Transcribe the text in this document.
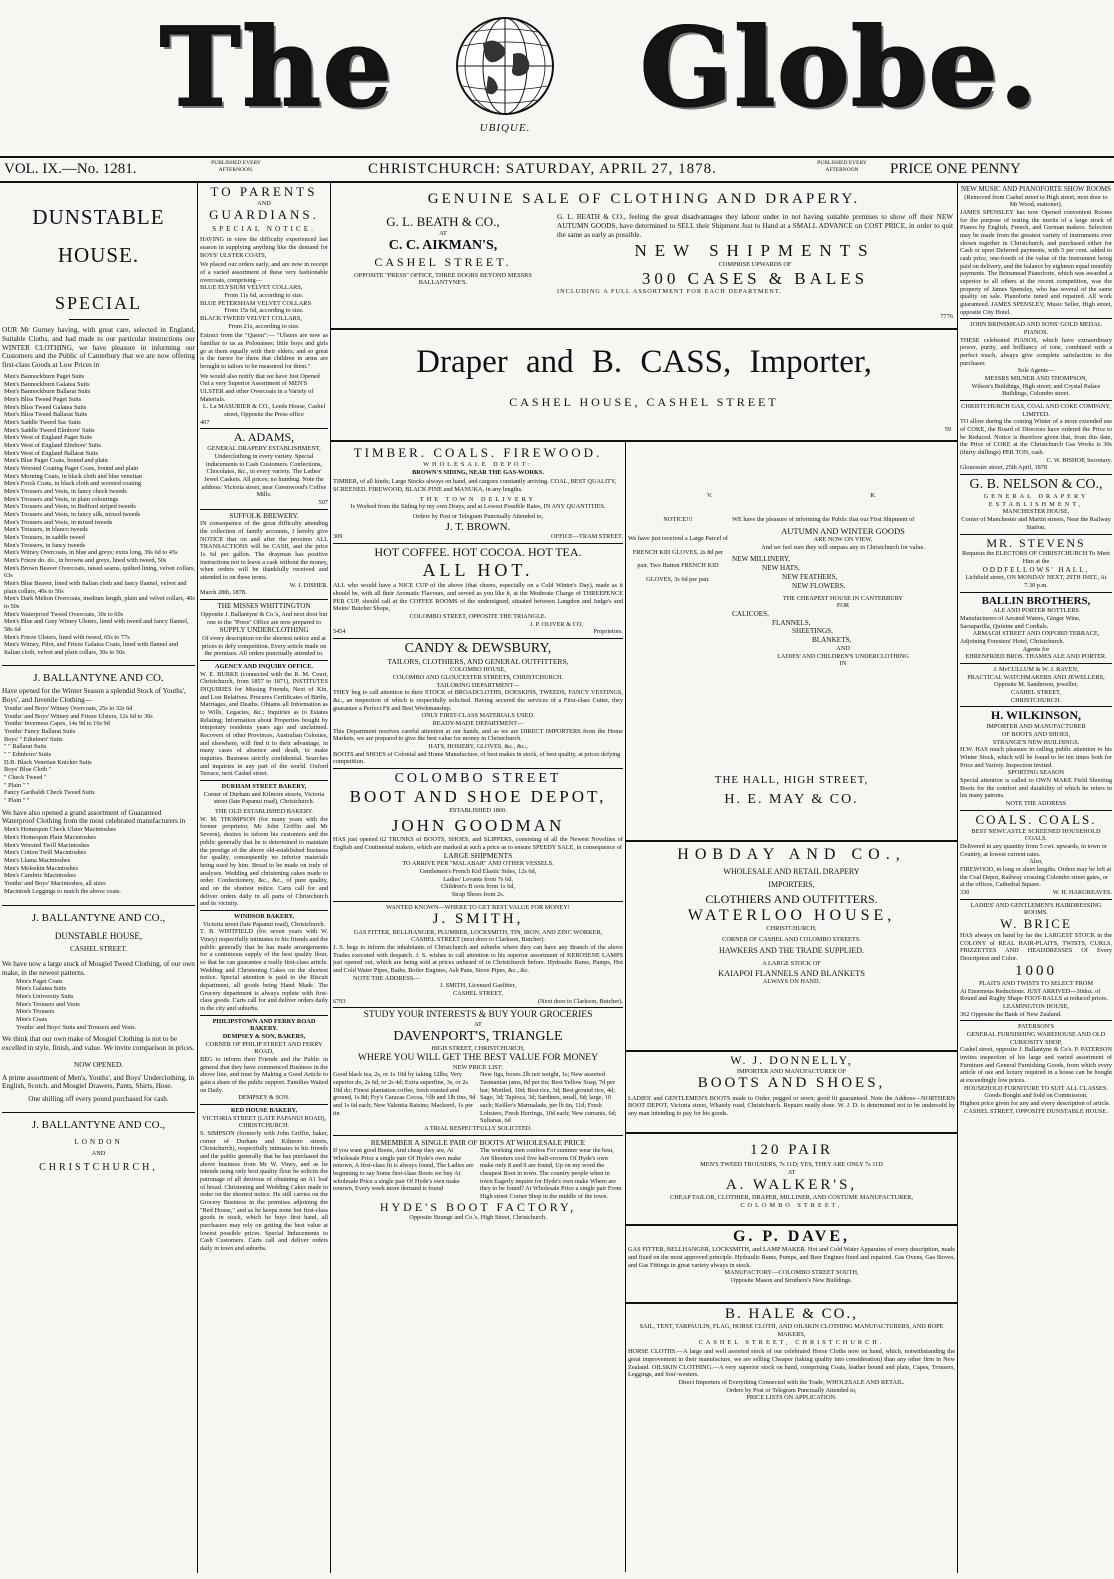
The	UBIQUE. Globe.
VOL. IX.—No. 1281.	PUBLISHED EVERY AFTERNOON.	CHRISTCHURCH: SATURDAY, APRIL 27, 1878.	PUBLISHED EVERY AFTERNOON	PRICE ONE PENNY
DUNSTABLE
HOUSE.
SPECIAL
OUR Mr Gurney having, with great care, selected in England, Suitable Cloths, and had made to our particular instructions our WINTER CLOTHING, we have pleasure in informing our Customers and the Public of Canterbury that we are now offering first-class Goods at Low Prices in
Men's Bannockburn Paget Suits
Men's Bannockburn Galatea Suits
Men's Bannockburn Ballarat Suits
Men's Bliss Tweed Paget Suits
Men's Bliss Tweed Galatea Suits
Men's Bliss Tweed Ballarat Suits
Men's Saddle Tweed Sac Suits
Men's Saddle Tweed Elmbore' Suits
Men's West of England Paget Suits
Men's West of England Elmbore' Suits
Men's West of England Ballarat Suits
Men's Blue Paget Coats, bound and plain
Men's Worsted Coating Paget Coats, bound and plain
Men's Morning Coats, in black cloth and blue venetian
Men's Frock Coats, in black cloth and worsted coating
Men's Trousers and Vests, in fancy check tweeds
Men's Trousers and Vests, in plain colourings
Men's Trousers and Vests, in Bedford striped tweeds
Men's Trousers and Vests, in fancy silk, mixed tweeds
Men's Trousers and Vests, in mixed tweeds
Men's Trousers, in blanco tweeds
Men's Trousers, in saddle tweed
Men's Trousers, in fancy tweeds
Men's Witney Overcoats, in blue and greys; extra long, 39s 6d to 45s
Men's Frieze do. do., in browns and greys, lined with tweed, 50s
Men's Brown Beaver Overcoats, raised seams, quilted lining, velvet collars, 63s
Men's Blue Beaver, lined with Italian cloth and fancy flannel, velvet and plain collars, 40s to 50s
Men's Dark Melton Overcoats, medium length, plain and velvet collars, 40s to 50s
Men's Waterproof Tweed Overcoats, 30s to 60s
Men's Blue and Grey Witney Ulsters, lined with tweed and fancy flannel, 58s 6d
Men's Frieze Ulsters, lined with tweed, 65s to 77s
Men's Witney, Pilot, and Frieze Galatea Coats, lined with flannel and Italian cloth, velvet and plain collars, 30s to 50s
J. BALLANTYNE AND CO.
Have opened for the Winter Season a splendid Stock of Youths', Boys', and Juvenile Clothing—
Youths' and Boys' Witney Overcoats, 25s to 32s 6d
Youths' and Boys' Witney and Frieze Ulsters, 12s 6d to 30s
Youths' Inverness Capes, 14s 9d to 16s 9d
Youths' Fancy Ballarat Suits
Boys' " Edinboro' Suits
" " Ballarat Suits
" " Edinboro' Suits
D.B. Black Venetian Knicker Suits
Boys' Blue Cloth "
" Check Tweed "
" Plain " "
Fancy Garibaldi Check Tweed Suits
" Plain " "
We have also opened a grand assortment of Guaranteed Waterproof Clothing from the most celebrated manufacturers in
Men's Homespun Check Ulster Macintoshes
Men's Homespun Plain Macintoshes
Men's Worsted Twill Macintoshes
Men's Cotton Twill Macintoshes
Men's Llama Macintoshes
Men's Moleskin Macintoshes
Men's Cambric Macintoshes
Youths' and Boys' Macintoshes, all sizes
Macintosh Leggings to match the above coats.
J. BALLANTYNE AND CO.,
DUNSTABLE HOUSE,
CASHEL STREET.
We have now a large stock of Mosgiel Tweed Clothing, of our own make, in the newest patterns.
Men's Paget Coats
Men's Galatea Suits
Men's University Suits
Men's Trousers and Vests
Men's Trousers
Men's Coats
Youths' and Boys' Suits and Trousers and Vests.
We think that our own make of Mosgiel Clothing is not to be excelled in style, finish, and value. We invite comparison in prices.
NOW OPENED.
A prime assortment of Men's, Youths', and Boys' Underclothing, in English, Scotch, and Mosgiel Drawers, Pants, Shirts, Hose.
One shilling off every pound purchased for cash.
J. BALLANTYNE AND CO.,
LONDON
AND
CHRISTCHURCH,
TO PARENTS
AND
GUARDIANS.
SPECIAL NOTICE.
HAVING in view the difficulty experienced last season in supplying anything like the demand for BOYS' ULSTER COATS,
We placed our orders early, and are now in receipt of a varied assortment of these very fashionable overcoats, comprising—
BLUE ELYSIUM VELVET COLLARS,
From 11s 6d, according to size.
BLUE PETERSHAM VELVET COLLARS
From 15s 6d, according to size.
BLACK TWEED VELVET COLLARS,
From 21s, according to size.
Extract from the "Queen":— "Ulsters are now as familiar to us as Polonaises; little boys and girls go at them equally with their elders; and so great is the furore for them that children in arms are brought to tailors to be measured for them."
We would also notify that we have Just Opened Out a very Superior Assortment of MEN'S ULSTER and other Overcoats in a Variety of Materials.
L. La MASURIER & CO., Leeds House, Cashel street, Opposite the Press office
407
A. ADAMS,
GENERAL DRAPERY ESTABLISHMENT,
Underclothing in every variety. Special inducements to Cash Customers. Confections, Chocolates, &c., in every variety. The Ladies' Jewel Caskets. All prices; no humbug. Note the address: Victoria street, near Greenwood's Coffee Mills.
507
SUFFOLK BREWERY.
IN consequence of the great difficulty attending the collection of family accounts, I hereby give NOTICE that on and after the proximo ALL TRANSACTIONS will be CASH, and the price 1s 6d per gallon. The drayman has positive instructions not to leave a cask without the money, when orders will be thankfully received and attended to on these terms.
W. J. DISHER.
March 28th, 1878.
THE MISSES WHITTINGTON
Opposite J. Ballantyne & Co.'s, And next door but one to the "Press" Office are now prepared to
SUPPLY UNDERCLOTHING
Of every description on the shortest notice and at prices to defy competition. Every article made on the premises. All orders punctually attended to.
AGENCY AND INQUIRY OFFICE.
W. E. BURKE (connected with the R. M. Court, Christchurch, from 1857 to 1871), INSTITUTES INQUIRIES for Missing Friends, Next of Kin, and Lost Relatives. Procures Certificates of Births, Marriages, and Deaths. Obtains all Information as to Wills, Legacies, &c.; Inquiries as to Estates Relating; Information about Properties bought by temporary residents years ago and unclaimed. Recovers of other Provinces, Australian Colonies, and elsewhere, will find it to their advantage, in many cases of absence and death, to make inquiries. Business strictly confidential. Searches and inquiries in any part of the world. Oxford Terrace, next Cashel street.
DURHAM STREET BAKERY,
Corner of Durham and Kilmore streets, Victoria street (late Papanui road), Christchurch.
THE OLD ESTABLISHED BAKERY.
W. M. THOMPSON (for many years with the former proprietor, Mr John Griffin and Mr Severn), desires to inform his customers and the public generally that he is determined to maintain the prestige of the above old-established business for quality, consequently no inferior materials being used by him. Bread to be made on truly of analyses. Wedding and christening cakes made to order. Confectionery, &c., &c., of pure quality, and on the shortest notice. Carts call for and deliver orders daily in all parts of Christchurch and its vicinity.
WINDSOR BAKERY,
Victoria street (late Papanui road), Christchurch.
T. B. WHITFIELD (for seven years with W. Viney) respectfully intimates to his friends and the public generally that he has made arrangements for a continuous supply of the best quality flour, so that he can guarantee a really first-class article. Wedding and Christening Cakes on the shortest notice. Special attention is paid to the Biscuit department, all goods being Hand Made. The Grocery department is always replete with first-class goods. Carts call for and deliver orders daily in the city and suburbs.
PHILIPSTOWN AND FERRY ROAD BAKERY.
DEMPSEY & SON, BAKERS,
CORNER OF PHILIP STREET AND FERRY ROAD,
BEG to inform their Friends and the Public in general that they have commenced Business in the above line, and trust by Making a Good Article to gain a share of the public support. Families Waited on Daily.
DEMPSEY & SON.
RED HOUSE BAKERY,
VICTORIA STREET (LATE PAPANUI ROAD), CHRISTCHURCH.
S. SIMPSON (formerly with John Griffin, baker, corner of Durham and Kilmore streets, Christchurch), respectfully intimates to his friends and the public generally that he has purchased the above business from Mr W. Viney, and as he intends using only best quality flour he solicits the patronage of all desirous of obtaining an A1 loaf of bread. Christening and Wedding Cakes made to order on the shortest notice. He still carries on the Grocery Business in the premises adjoining the "Red House," and as he keeps none but first-class goods in stock, which he buys first hand, all purchasers may rely on getting the best value at lowest possible prices. Special Inducements to Cash Customers. Carts call and deliver orders daily in town and suburbs.
GENUINE SALE OF CLOTHING AND DRAPERY.
G. L. BEATH & CO.,
AT
C. C. AIKMAN'S,
CASHEL STREET.
OPPOSITE "PRESS" OFFICE, THREE DOORS BEYOND MESSRS BALLANTYNE'S.
G. L. BEATH & CO., feeling the great disadvantages they labour under in not having suitable premises to show off their NEW AUTUMN GOODS, have determined to SELL their Shipment Just to Hand at a SMALL ADVANCE on COST PRICE, in order to quit the same as early as possible.
NEW SHIPMENTS
COMPRISE UPWARDS OF
300 CASES & BALES
INCLUDING A FULL ASSORTMENT FOR EACH DEPARTMENT.
7776
Draper and B. CASS, Importer,
CASHEL HOUSE, CASHEL STREET
59
TIMBER. COALS. FIREWOOD.
WHOLESALE DEPOT:
BROWN'S SIDING, NEAR THE GAS-WORKS.
TIMBER, of all kinds; Large Stocks always on hand, and cargoes constantly arriving. COAL, BEST QUALITY, SCREENED. FIREWOOD, BLACK PINE and MANUKA, in any lengths.
THE TOWN DELIVERY
Is Worked from the Siding by my own Drays, and at Lowest Possible Rates, IN ANY QUANTITIES.
Orders by Post or Telegram Punctually Attended to,
J. T. BROWN.
309	OFFICE—TRAM STREET.
HOT COFFEE. HOT COCOA. HOT TEA.
ALL HOT.
ALL who would have a NICE CUP of the above (that cheers, especially on a Cold Winter's Day), made as it should be, with all their Aromatic Flavours, and served as you like it, at the Moderate Charge of THREEPENCE PER CUP, should call at the COFFEE ROOMS of the undersigned, situated between Langdon and Judge's and Meins' Butcher Shops,
COLOMBO STREET, OPPOSITE THE TRIANGLE.
J. P. OLIVER & CO,
5454	Proprietors.
CANDY & DEWSBURY,
TAILORS, CLOTHIERS, AND GENERAL OUTFITTERS,
COLOMBO HOUSE,
COLOMBO AND GLOUCESTER STREETS, CHRISTCHURCH.
TAILORING DEPARTMENT—
THEY beg to call attention to their STOCK of BROADCLOTHS, DOESKINS, TWEEDS, FANCY VESTINGS, &c., an inspection of which is respectfully solicited. Having secured the services of a First-class Cutter, they guarantee a Perfect Fit and Best Workmanship.
ONLY FIRST-CLASS MATERIALS USED.
READY-MADE DEPARTMENT—
This Department receives careful attention at our hands, and as we are DIRECT IMPORTERS from the Home Markets, we are prepared to give the best value for money in Christchurch.
HATS, HOSIERY, GLOVES, &c., &c.,
BOOTS and SHOES of Colonial and Home Manufacture, of best makes in stock, of best quality, at prices defying competition.
COLOMBO STREET
BOOT AND SHOE DEPOT,
ESTABLISHED 1860.
JOHN GOODMAN
HAS just opened 62 TRUNKS of BOOTS, SHOES, and SLIPPERS, consisting of all the Newest Novelties of English and Continental makers, which are marked at such a price as to ensure SPEEDY SALE, in consequence of
LARGE SHIPMENTS
TO ARRIVE PER "MALABAR" AND OTHER VESSELS.
Gentlemen's French Kid Elastic Sides, 12s 6d,
Ladies' Levants from 7s 6d,
Children's B oots from 1s 6d,
Strap Shoes from 2s.
WANTED KNOWN—WHERE TO GET BEST VALUE FOR MONEY!
J. SMITH,
GAS FITTER, BELLHANGER, PLUMBER, LOCKSMITH, TIN, IRON, AND ZINC WORKER,
CASHEL STREET (next door to Clarkson, Butcher).
J. S. begs to inform the inhabitants of Christchurch and suburbs where they can have any Branch of the above Trades executed with despatch. J. S. wishes to call attention to his superior assortment of KEROSENE LAMPS just opened out, which are being sold at prices unheard of in Christchurch before. Hydraulic Rams, Pumps, Hot and Cold Water Pipes, Baths, Boiler Engines, Ash Pans, Stove Pipes, &c., &c.
NOTE THE ADDRESS—
J. SMITH, Licensed Gasfitter,
CASHEL STREET,
6793	(Next door to Clarkson, Butcher).
STUDY YOUR INTERESTS & BUY YOUR GROCERIES
AT
DAVENPORT'S, TRIANGLE
HIGH STREET, CHRISTCHURCH,
WHERE YOU WILL GET THE BEST VALUE FOR MONEY
NEW PRICE LIST:
Good black tea, 2s, or 1s 10d by taking 12lbs; Very superior do, 2s 6d, or 2s 4d; Extra superfine, 3s, or 2s 10d do; Finest plantation coffee, fresh roasted and ground, 1s 8d; Fry's Caracas Cocoa, ½lb and 1lb tins, 9d and 1s 6d each; New Valentia Raisins; Mackerel, 1s per tin
New figs, boxes 2lb not weight, 1s; New assorted Tasmanian jams, 8d per tin; Best Yellow Soap, 7d per bar; Mottled, 10d; Best rice, 3d; Best ground rice, 4d; Sago, 3d; Tapioca, 3d; Sardines, small, 6d; large, 10 each; Keiller's Marmalade, per lb tin, 11d; Fresh Lobsters, Fresh Herrings, 10d each; New currants, 6d; Sultanas, 6d
A TRIAL RESPECTFULLY SOLICITED.
REMEMBER A SINGLE PAIR OF BOOTS AT WHOLESALE PRICE
If you want good Boots, And cheap they are, At Wholesale Price a single pair Of Hyde's own make renown, A first-class fit is always found, The Ladies are beginning to say Some first-class Boots we buy At wholesale Price a single pair Of Hyde's own make renown, Every week more demand is found
The working men confess For summer wear the best, Are Shooters cool five half-crowns Of Hyde's own make only 8 and 9 are found, Up on my word the cheapest Boot in town. The country people when in town Eagerly inquire for Hyde's own make Where are they to be found? At Wholesale Price a single pair From High street Corner Shop in the middle of the town.
HYDE'S BOOT FACTORY,
Opposite Strange and Co.'s, High Street, Christchurch.
V.	R.
NOTICE!!!
We have just received a Large Parcel of FRENCH KID GLOVES, 2s 8d per pair. Two Button FRENCH KID GLOVES, 3s 6d per pair.
WE have the pleasure of informing the Public that our First Shipment of
AUTUMN AND WINTER GOODS
ARE NOW ON VIEW,
And we feel sure they will surpass any in Christchurch for value.
NEW MILLINERY,
NEW HATS,
NEW FEATHERS,
NEW FLOWERS.
THE CHEAPEST HOUSE IN CANTERBURY
FOR
CALICOES,
FLANNELS,
SHEETINGS,
BLANKETS,
AND
LADIES' AND CHILDREN'S UNDERCLOTHING
IN
THE HALL, HIGH STREET,
H. E. MAY & CO.
HOBDAY AND CO.,
WHOLESALE AND RETAIL DRAPERY
IMPORTERS,
CLOTHIERS AND OUTFITTERS.
WATERLOO HOUSE,
CHRISTCHURCH,
CORNER OF CASHEL AND COLOMBO STREETS.
HAWKERS AND THE TRADE SUPPLIED.
A LARGE STOCK OF
KAIAPOI FLANNELS AND BLANKETS
ALWAYS ON HAND.
W. J. DONNELLY,
IMPORTER AND MANUFACTURER OF
BOOTS AND SHOES,
LADIES' and GENTLEMEN'S BOOTS made to Order, pegged or sewn; good fit guaranteed. Note the Address—NORTHERN BOOT DEPOT, Victoria street, Whately road, Christchurch. Repairs neatly done. W. J. D. is determined not to be undersold by any man intending to pay for his goods.
120 PAIR
MEN'S TWEED TROUSERS, 7s 11D; YES, THEY ARE ONLY 7s 11D
AT
A. WALKER'S,
CHEAP TAILOR, CLOTHIER, DRAPER, MILLINER, AND COSTUME MANUFACTURER,
COLOMBO STREET.
G. P. DAVE,
GAS FITTER, BELLHANGER, LOCKSMITH, and LAMP MAKER. Hot and Cold Water Apparatus of every description, made and fixed on the most approved principle. Hydraulic Rams, Pumps, and Beer Engines fixed and repaired. Gas Ovens, Gas Stoves, and Gas Fittings in great variety always in stock.
MANUFACTORY—COLOMBO STREET SOUTH,
Opposite Mason and Struthers's New Buildings.
B. HALE & CO.,
SAIL, TENT, TARPAULIN, FLAG, HORSE CLOTH, AND OILSKIN CLOTHING MANUFACTURERS, AND ROPE MAKERS,
CASHEL STREET, CHRISTCHURCH.
HORSE CLOTHS.—A large and well assorted stock of our celebrated Horse Cloths now on hand, which, notwithstanding the great improvement in their manufacture, we are selling Cheaper (taking quality into consideration) than any other firm in New Zealand. OILSKIN CLOTHING.—A very superior stock on hand, comprising Coats, leather bound and plain, Capes, Trousers, Leggings, and Sou'-westers.
Direct Importers of Everything Connected with the Trade, WHOLESALE AND RETAIL.
Orders by Post or Telegram Punctually Attended to,
PRICE LISTS ON APPLICATION.
NEW MUSIC AND PIANOFORTE SHOW ROOMS
(Removed from Cashel street to High street, next door to Mr Wood, stationer).
JAMES SPENSLEY has now Opened convenient Rooms for the purpose of testing the merits of a large stock of Pianos by English, French, and German makers. Selection may be made from the greatest variety of instruments ever shown together in Christchurch, and purchased either for Cash or upon Deferred payments, with 5 per cent. added to cash price, one-fourth of the value of the instrument being paid on delivery, and the balance by eighteen equal monthly payments. The Brinsmead Pianoforte, which was awarded a superior to all others at the recent competition, was the property of James Spensley, who has several of the same quality on sale. Pianoforte tuned and repaired. All work guaranteed. JAMES SPENSLEY, Music Seller, High street, opposite City Hotel.
JOHN BRINSMEAD AND SONS' GOLD MEDAL PIANOS.
THESE celebrated PIANOS, which have extraordinary power, purity, and brilliancy of tone, combined with a perfect touch, always give complete satisfaction to the purchaser.
Sole Agents—
MESSRS MILNER AND THOMPSON,
Wilson's Buildings, High street; and Crystal Palace Buildings, Colombo street.
CHRISTCHURCH GAS, COAL AND COKE COMPANY, LIMITED.
TO allow during the coming Winter of a more extended use of COKE, the Board of Directors have ordered the Price to be Reduced. Notice is therefore given that, from this date, the Price of COKE at the Christchurch Gas Works is 30s (thirty shillings) PER TON, cash.
C. W. BISHOP, Secretary.
Gloucester street, 25th April, 1878
G. B. NELSON & CO.,
GENERAL DRAPERY ESTABLISHMENT,
MANCHESTER HOUSE,
Corner of Manchester and Martin streets, Near the Railway Station.
MR. STEVENS
Requests the ELECTORS OF CHRISTCHURCH To Meet Him at the
ODDFELLOWS' HALL,
Lichfield street, ON MONDAY NEXT, 29TH INST., At 7.30 p.m.
BALLIN BROTHERS,
ALE AND PORTER BOTTLERS
Manufacturers of Aerated Waters, Ginger Wine, Sarsaparilla, Quinine and Cordials.
ARMAGH STREET AND OXFORD TERRACE,
Adjoining Foresters' Hotel, Christchurch.
Agents for
EHRENFRIED BROS. THAMES ALE AND PORTER.
J. McCULLUM & W. J. RAVEN,
PRACTICAL WATCHMAKERS AND JEWELLERS,
Opposite M. Sanderson, jeweller,
CASHEL STREET,
CHRISTCHURCH.
H. WILKINSON,
IMPORTER AND MANUFACTURER
OF BOOTS AND SHOES,
STRANGE'S NEW BUILDINGS.
H.W. HAS much pleasure in calling public attention to his Winter Stock, which will be found to be ten times both for Price and Variety. Inspection invited.
SPORTING SEASON
Special attention is called to OWN MAKE Field Shooting Boots for the comfort and durability of which he refers to his many patrons.
NOTE THE ADDRESS
COALS. COALS.
BEST NEWCASTLE SCREENED HOUSEHOLD COALS.
Delivered in any quantity from 5 cwt. upwards, in town or Country, at lowest current rates.
Also,
FIREWOOD, in long or short lengths. Orders may be left at the Coal Depot, Railway crossing Colombo street gates, or at the offices, Cathedral Square.
330	W. H. HARGREAVES.
LADIES' AND GENTLEMEN'S HAIRDRESSING ROOMS.
W. BRICE
HAS always on hand by far the LARGEST STOCK in the COLONY of REAL HAIR-PLAITS, TWISTS, CURLS, FRIZZETTES AND HEADDRESSES Of Every Description and Color.
1000
PLAITS AND TWISTS TO SELECT FROM
At Enormous Reductions. JUST ARRIVED—30doz. of Round and Rugby Shape FOOT-BALLS at reduced prices.
LEAMINGTON HOUSE,
362 Opposite the Bank of New Zealand.
PATERSON'S
GENERAL FURNISHING WAREHOUSE AND OLD CURIOSITY SHOP,
Cashel street, opposite J. Ballantyne & Co's. P. PATERSON invites inspection of his large and varied assortment of Furniture and General Furnishing Goods, from which every article of use and luxury required in a house can be bought at exceedingly low prices.
HOUSEHOLD FURNITURE TO SUIT ALL CLASSES.
Goods Bought and Sold on Commission.
Highest price given for any and every description of article.
CASHEL STREET, OPPOSITE DUNSTABLE HOUSE.
